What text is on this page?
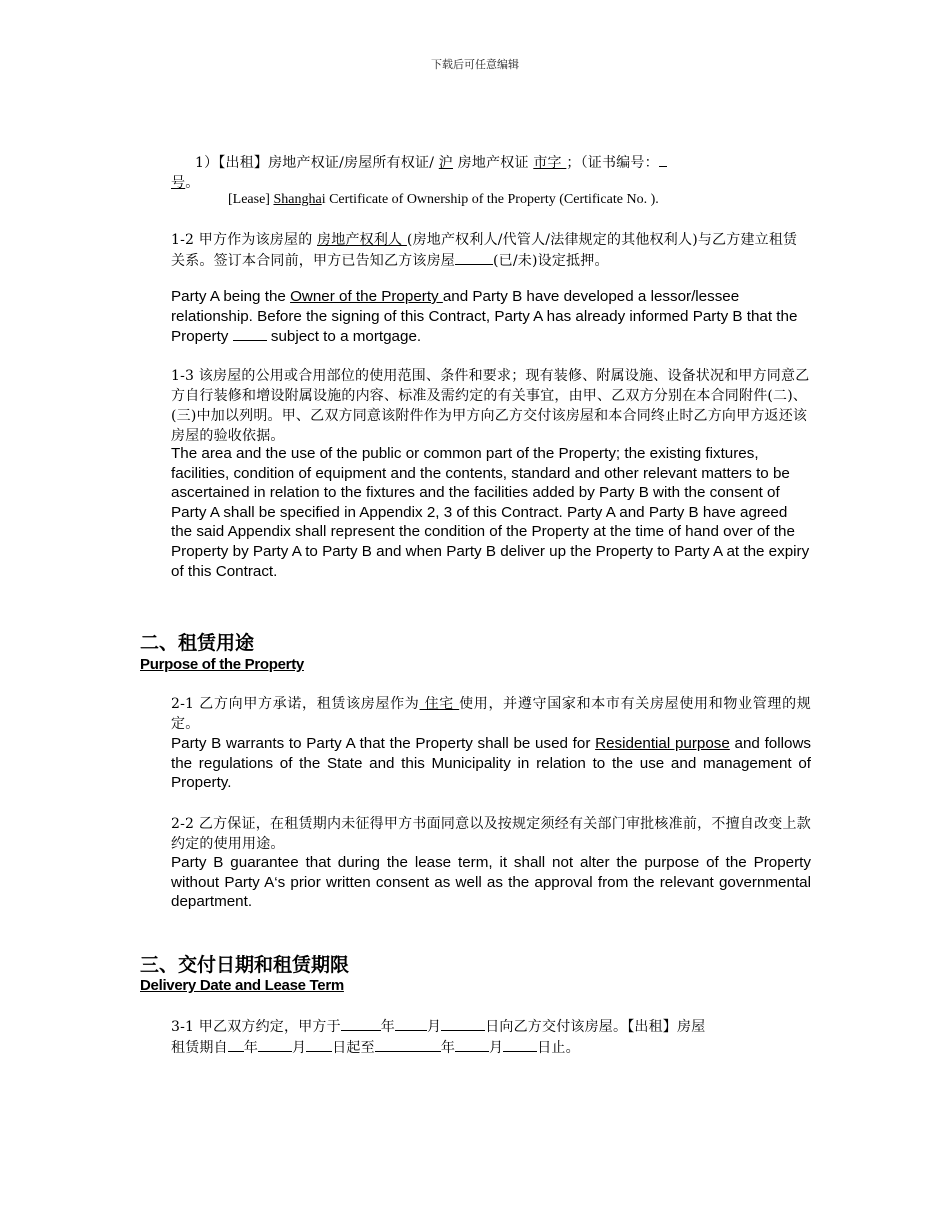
下载后可任意编辑
1）【出租】房地产权证/房屋所有权证/ 沪 房地产权证 市字 ；（证书编号：
号。
[Lease] Shanghai Certificate of Ownership of the Property (Certificate No. ).
1-2 甲方作为该房屋的 房地产权利人 (房地产权利人/代管人/法律规定的其他权利人)与乙方建立租赁关系。签订本合同前，甲方已告知乙方该房屋	(已/未)设定抵押。
Party A being the Owner of the Property and Party B have developed a lessor/lessee relationship. Before the signing of this Contract, Party A has already informed Party B that the Property  subject to a mortgage.
1-3 该房屋的公用或合用部位的使用范围、条件和要求；现有装修、附属设施、设备状况和甲方同意乙方自行装修和增设附属设施的内容、标准及需约定的有关事宜，由甲、乙双方分别在本合同附件(二)、(三)中加以列明。甲、乙双方同意该附件作为甲方向乙方交付该房屋和本合同终止时乙方向甲方返还该房屋的验收依据。
The area and the use of the public or common part of the Property; the existing fixtures, facilities, condition of equipment and the contents, standard and other relevant matters to be ascertained in relation to the fixtures and the facilities added by Party B with the consent of Party A shall be specified in Appendix 2, 3 of this Contract. Party A and Party B have agreed the said Appendix shall represent the condition of the Property at the time of hand over of the Property by Party A to Party B and when Party B deliver up the Property to Party A at the expiry of this Contract.
二、租赁用途
Purpose of the Property
2-1 乙方向甲方承诺，租赁该房屋作为 住宅 使用，并遵守国家和本市有关房屋使用和物业管理的规定。
Party B warrants to Party A that the Property shall be used for Residential purpose and follows the regulations of the State and this Municipality in relation to the use and management of Property.
2-2 乙方保证，在租赁期内未征得甲方书面同意以及按规定须经有关部门审批核准前，不擅自改变上款约定的使用用途。
Party B guarantee that during the lease term, it shall not alter the purpose of the Property without Party A‘s prior written consent as well as the approval from the relevant governmental department.
三、交付日期和租赁期限
Delivery Date and Lease Term
3-1 甲乙双方约定，甲方于	年 月	日向乙方交付该房屋。【出租】房屋
租赁期自 年 月 日起至	年 月 日止。
